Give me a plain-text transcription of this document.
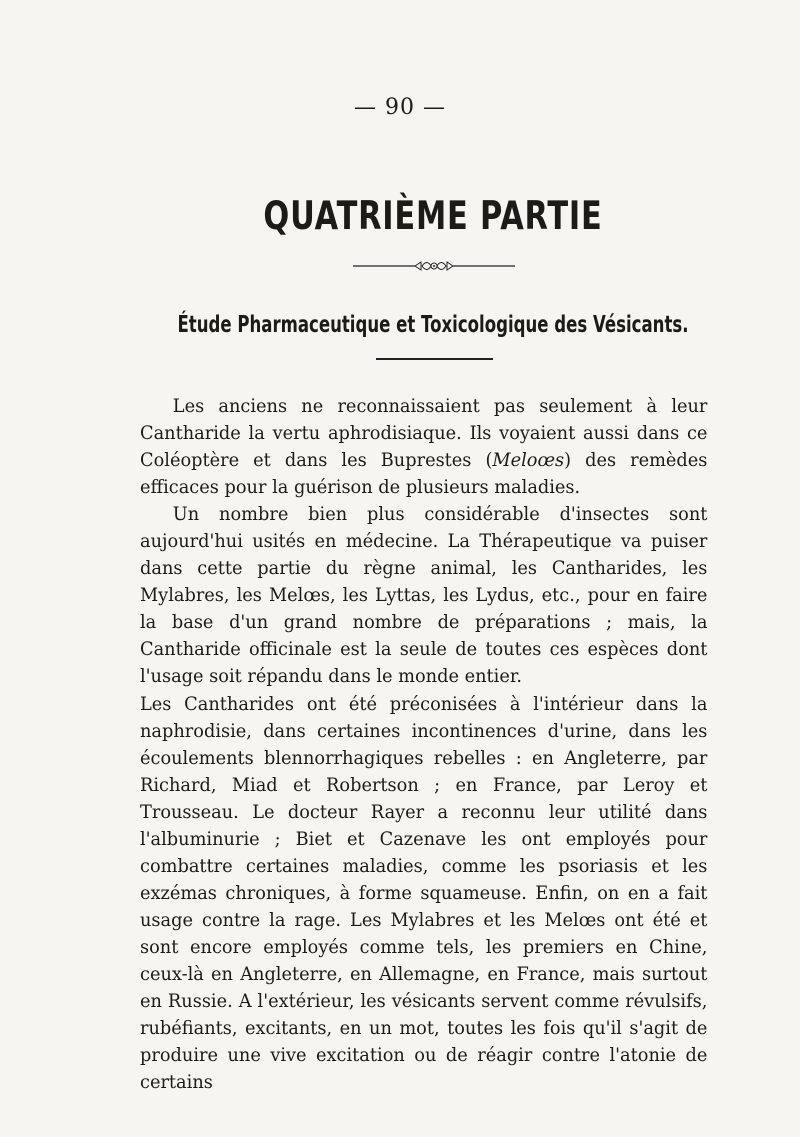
— 90 —
QUATRIÈME PARTIE
Étude Pharmaceutique et Toxicologique des Vésicants.

Les anciens ne reconnaissaient pas seulement à leur Cantharide la vertu aphrodisiaque. Ils voyaient aussi dans ce Coléoptère et dans les Buprestes (Meloœs) des remèdes efficaces pour la guérison de plusieurs maladies.

Un nombre bien plus considérable d'insectes sont aujourd'hui usités en médecine. La Thérapeutique va puiser dans cette partie du règne animal, les Cantharides, les Mylabres, les Melœs, les Lyttas, les Lydus, etc., pour en faire la base d'un grand nombre de préparations ; mais, la Cantharide officinale est la seule de toutes ces espèces dont l'usage soit répandu dans le monde entier.

Les Cantharides ont été préconisées à l'intérieur dans la naphrodisie, dans certaines incontinences d'urine, dans les écoulements blennorrhagiques rebelles : en Angleterre, par Richard, Miad et Robertson ; en France, par Leroy et Trousseau. Le docteur Rayer a reconnu leur utilité dans l'albuminurie ; Biet et Cazenave les ont employés pour combattre certaines maladies, comme les psoriasis et les exzémas chroniques, à forme squameuse. Enfin, on en a fait usage contre la rage. Les Mylabres et les Melœs ont été et sont encore employés comme tels, les premiers en Chine, ceux-là en Angleterre, en Allemagne, en France, mais surtout en Russie. A l'extérieur, les vésicants servent comme révulsifs, rubéfiants, excitants, en un mot, toutes les fois qu'il s'agit de produire une vive excitation ou de réagir contre l'atonie de certains
